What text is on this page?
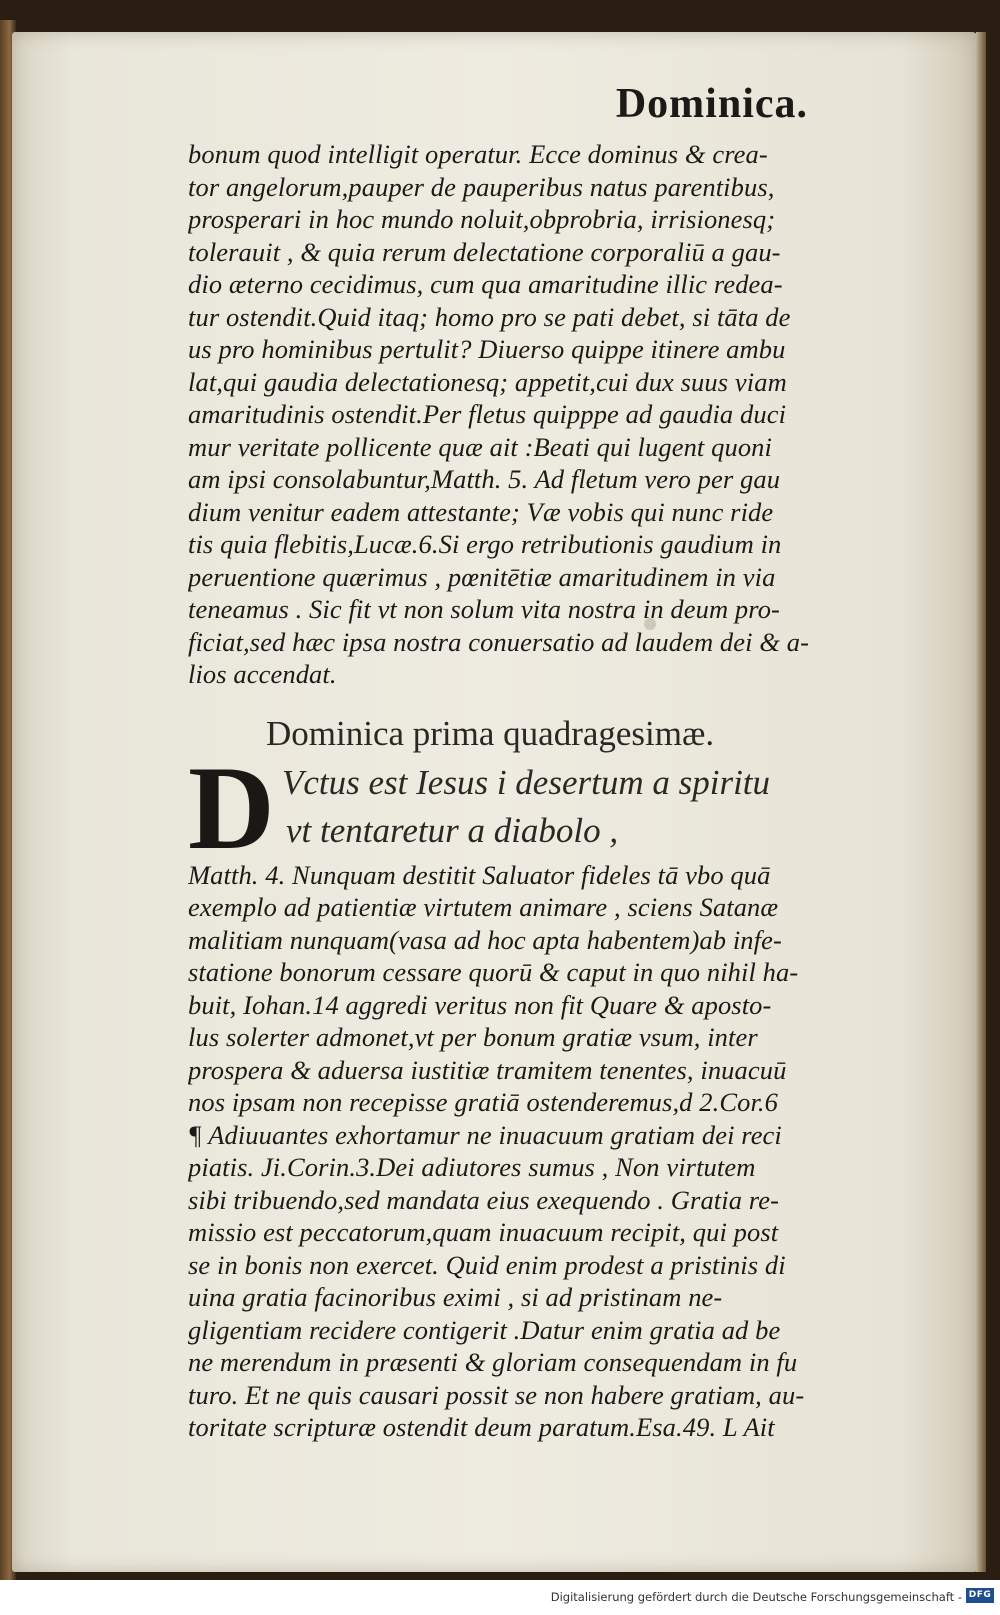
Dominica.
bonum quod intelligit operatur. Ecce dominus & crea-
tor angelorum,pauper de pauperibus natus parentibus,
prosperari in hoc mundo noluit,obprobria, irrisionesq;
tolerauit , & quia rerum delectatione corporaliū a gau-
dio æterno cecidimus, cum qua amaritudine illic redea-
tur ostendit.Quid itaq; homo pro se pati debet, si tāta de
us pro hominibus pertulit? Diuerso quippe itinere ambu
lat,qui gaudia delectationesq; appetit,cui dux suus viam
amaritudinis ostendit.Per fletus quipppe ad gaudia duci
mur veritate pollicente quæ ait :Beati qui lugent quoni
am ipsi consolabuntur,Matth. 5. Ad fletum vero per gau
dium venitur eadem attestante; Væ vobis qui nunc ride
tis quia flebitis,Lucæ.6.Si ergo retributionis gaudium in
peruentione quærimus , pœnitētiæ amaritudinem in via
teneamus . Sic fit vt non solum vita nostra in deum pro-
ficiat,sed hæc ipsa nostra conuersatio ad laudem dei & a-
lios accendat.
Dominica prima quadragesimæ.
D Vctus est Iesus i desertum a spiritu
vt tentaretur a diabolo ,
Matth. 4. Nunquam destitit Saluator fideles tā vbo quā
exemplo ad patientiæ virtutem animare , sciens Satanæ
malitiam nunquam(vasa ad hoc apta habentem)ab infe-
statione bonorum cessare quorū & caput in quo nihil ha-
buit, Iohan.14 aggredi veritus non fit Quare & aposto-
lus solerter admonet,vt per bonum gratiæ vsum, inter
prospera & aduersa iustitiæ tramitem tenentes, inuacuū
nos ipsam non recepisse gratiā ostenderemus,d 2.Cor.6
¶ Adiuuantes exhortamur ne inuacuum gratiam dei reci
piatis. Ji.Corin.3.Dei adiutores sumus , Non virtutem
sibi tribuendo,sed mandata eius exequendo . Gratia re-
missio est peccatorum,quam inuacuum recipit, qui post
se in bonis non exercet. Quid enim prodest a pristinis di
uina gratia facinoribus eximi , si ad pristinam ne-
gligentiam recidere contigerit .Datur enim gratia ad be
ne merendum in præsenti & gloriam consequendam in fu
turo. Et ne quis causari possit se non habere gratiam, au-
toritate scripturæ ostendit deum paratum.Esa.49. L Ait
Digitalisierung gefördert durch die Deutsche Forschungsgemeinschaft - DFG
